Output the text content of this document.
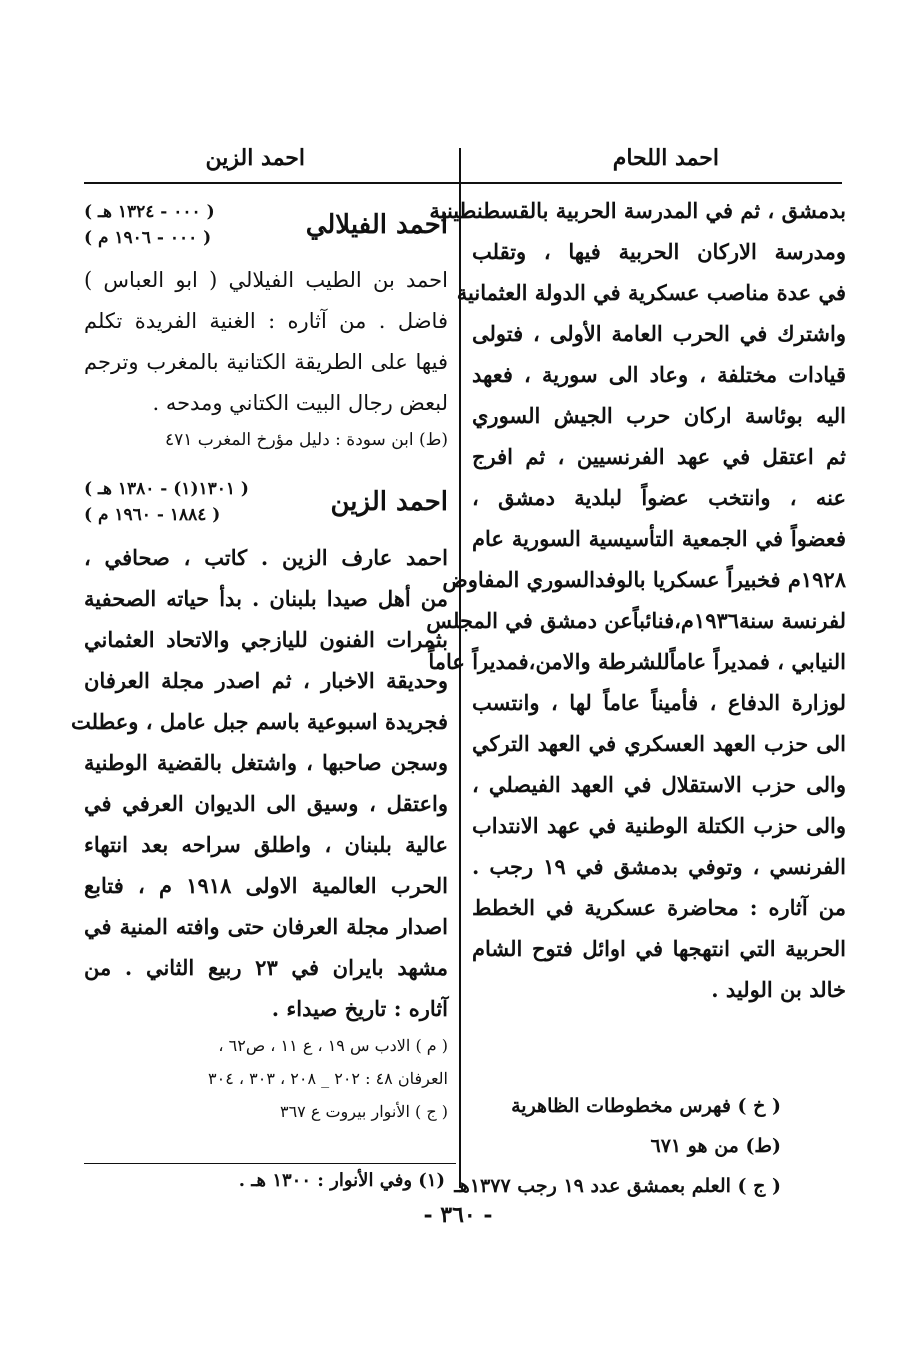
احمد اللحام
احمد الزين
بدمشق ، ثم في المدرسة الحربية بالقسطنطينية
ومدرسة الاركان الحربية فيها ، وتقلب
في عدة مناصب عسكرية في الدولة العثمانية
واشترك في الحرب العامة الأولى ، فتولى
قيادات مختلفة ، وعاد الى سورية ، فعهد
اليه بوئاسة اركان حرب الجيش السوري
ثم اعتقل في عهد الفرنسيين ، ثم افرج
عنه ، وانتخب عضواً لبلدية دمشق ،
فعضواً في الجمعية التأسيسية السورية عام
١٩٢٨م فخبيراً عسكريا بالوفدالسوري المفاوض
لفرنسة سنة١٩٣٦م،فنائباًعن دمشق في المجلس
النيابي ، فمديراً عاماًللشرطة والامن،فمديراً عاماً
لوزارة الدفاع ، فأميناً عاماً لها ، وانتسب
الى حزب العهد العسكري في العهد التركي
والى حزب الاستقلال في العهد الفيصلي ،
والى حزب الكتلة الوطنية في عهد الانتداب
الفرنسي ، وتوفي بدمشق في ١٩ رجب .
من آثاره : محاضرة عسكرية في الخطط
الحربية التي انتهجها في اوائل فتوح الشام
خالد بن الوليد .
( خ ) فهرس مخطوطات الظاهرية
(ط) من هو ٦٧١
( ج ) العلم بعمشق عدد ١٩ رجب ١٣٧٧هـ
احمد الفيلالي
( ٠٠٠ - ١٣٢٤ هـ )
( ٠٠٠ - ١٩٠٦ م )
احمد بن الطيب الفيلالي ( ابو العباس )
فاضل . من آثاره : الغنية الفريدة تكلم
فيها على الطريقة الكتانية بالمغرب وترجم
لبعض رجال البيت الكتاني ومدحه .
(ط) ابن سودة : دليل مؤرخ المغرب ٤٧١
احمد الزين
( ١٣٠١(١) - ١٣٨٠ هـ )
( ١٨٨٤ - ١٩٦٠ م )
احمد عارف الزين . كاتب ، صحافي ،
من أهل صيدا بلبنان . بدأ حياته الصحفية
بثمرات الفنون لليازجي والاتحاد العثماني
وحديقة الاخبار ، ثم اصدر مجلة العرفان
فجريدة اسبوعية باسم جبل عامل ، وعطلت
وسجن صاحبها ، واشتغل بالقضية الوطنية
واعتقل ، وسيق الى الديوان العرفي في
عالية بلبنان ، واطلق سراحه بعد انتهاء
الحرب العالمية الاولى ١٩١٨ م ، فتابع
اصدار مجلة العرفان حتى وافته المنية في
مشهد بايران في ٢٣ ربيع الثاني . من
آثاره : تاريخ صيداء .
( م ) الادب س ١٩ ، ع ١١ ، ص٦٢ ،
العرفان ٤٨ : ٢٠٢ _ ٢٠٨ ، ٣٠٣ ، ٣٠٤
( ج ) الأنوار بيروت ع ٣٦٧
(١) وفي الأنوار : ١٣٠٠ هـ .
- ٣٦٠ -
